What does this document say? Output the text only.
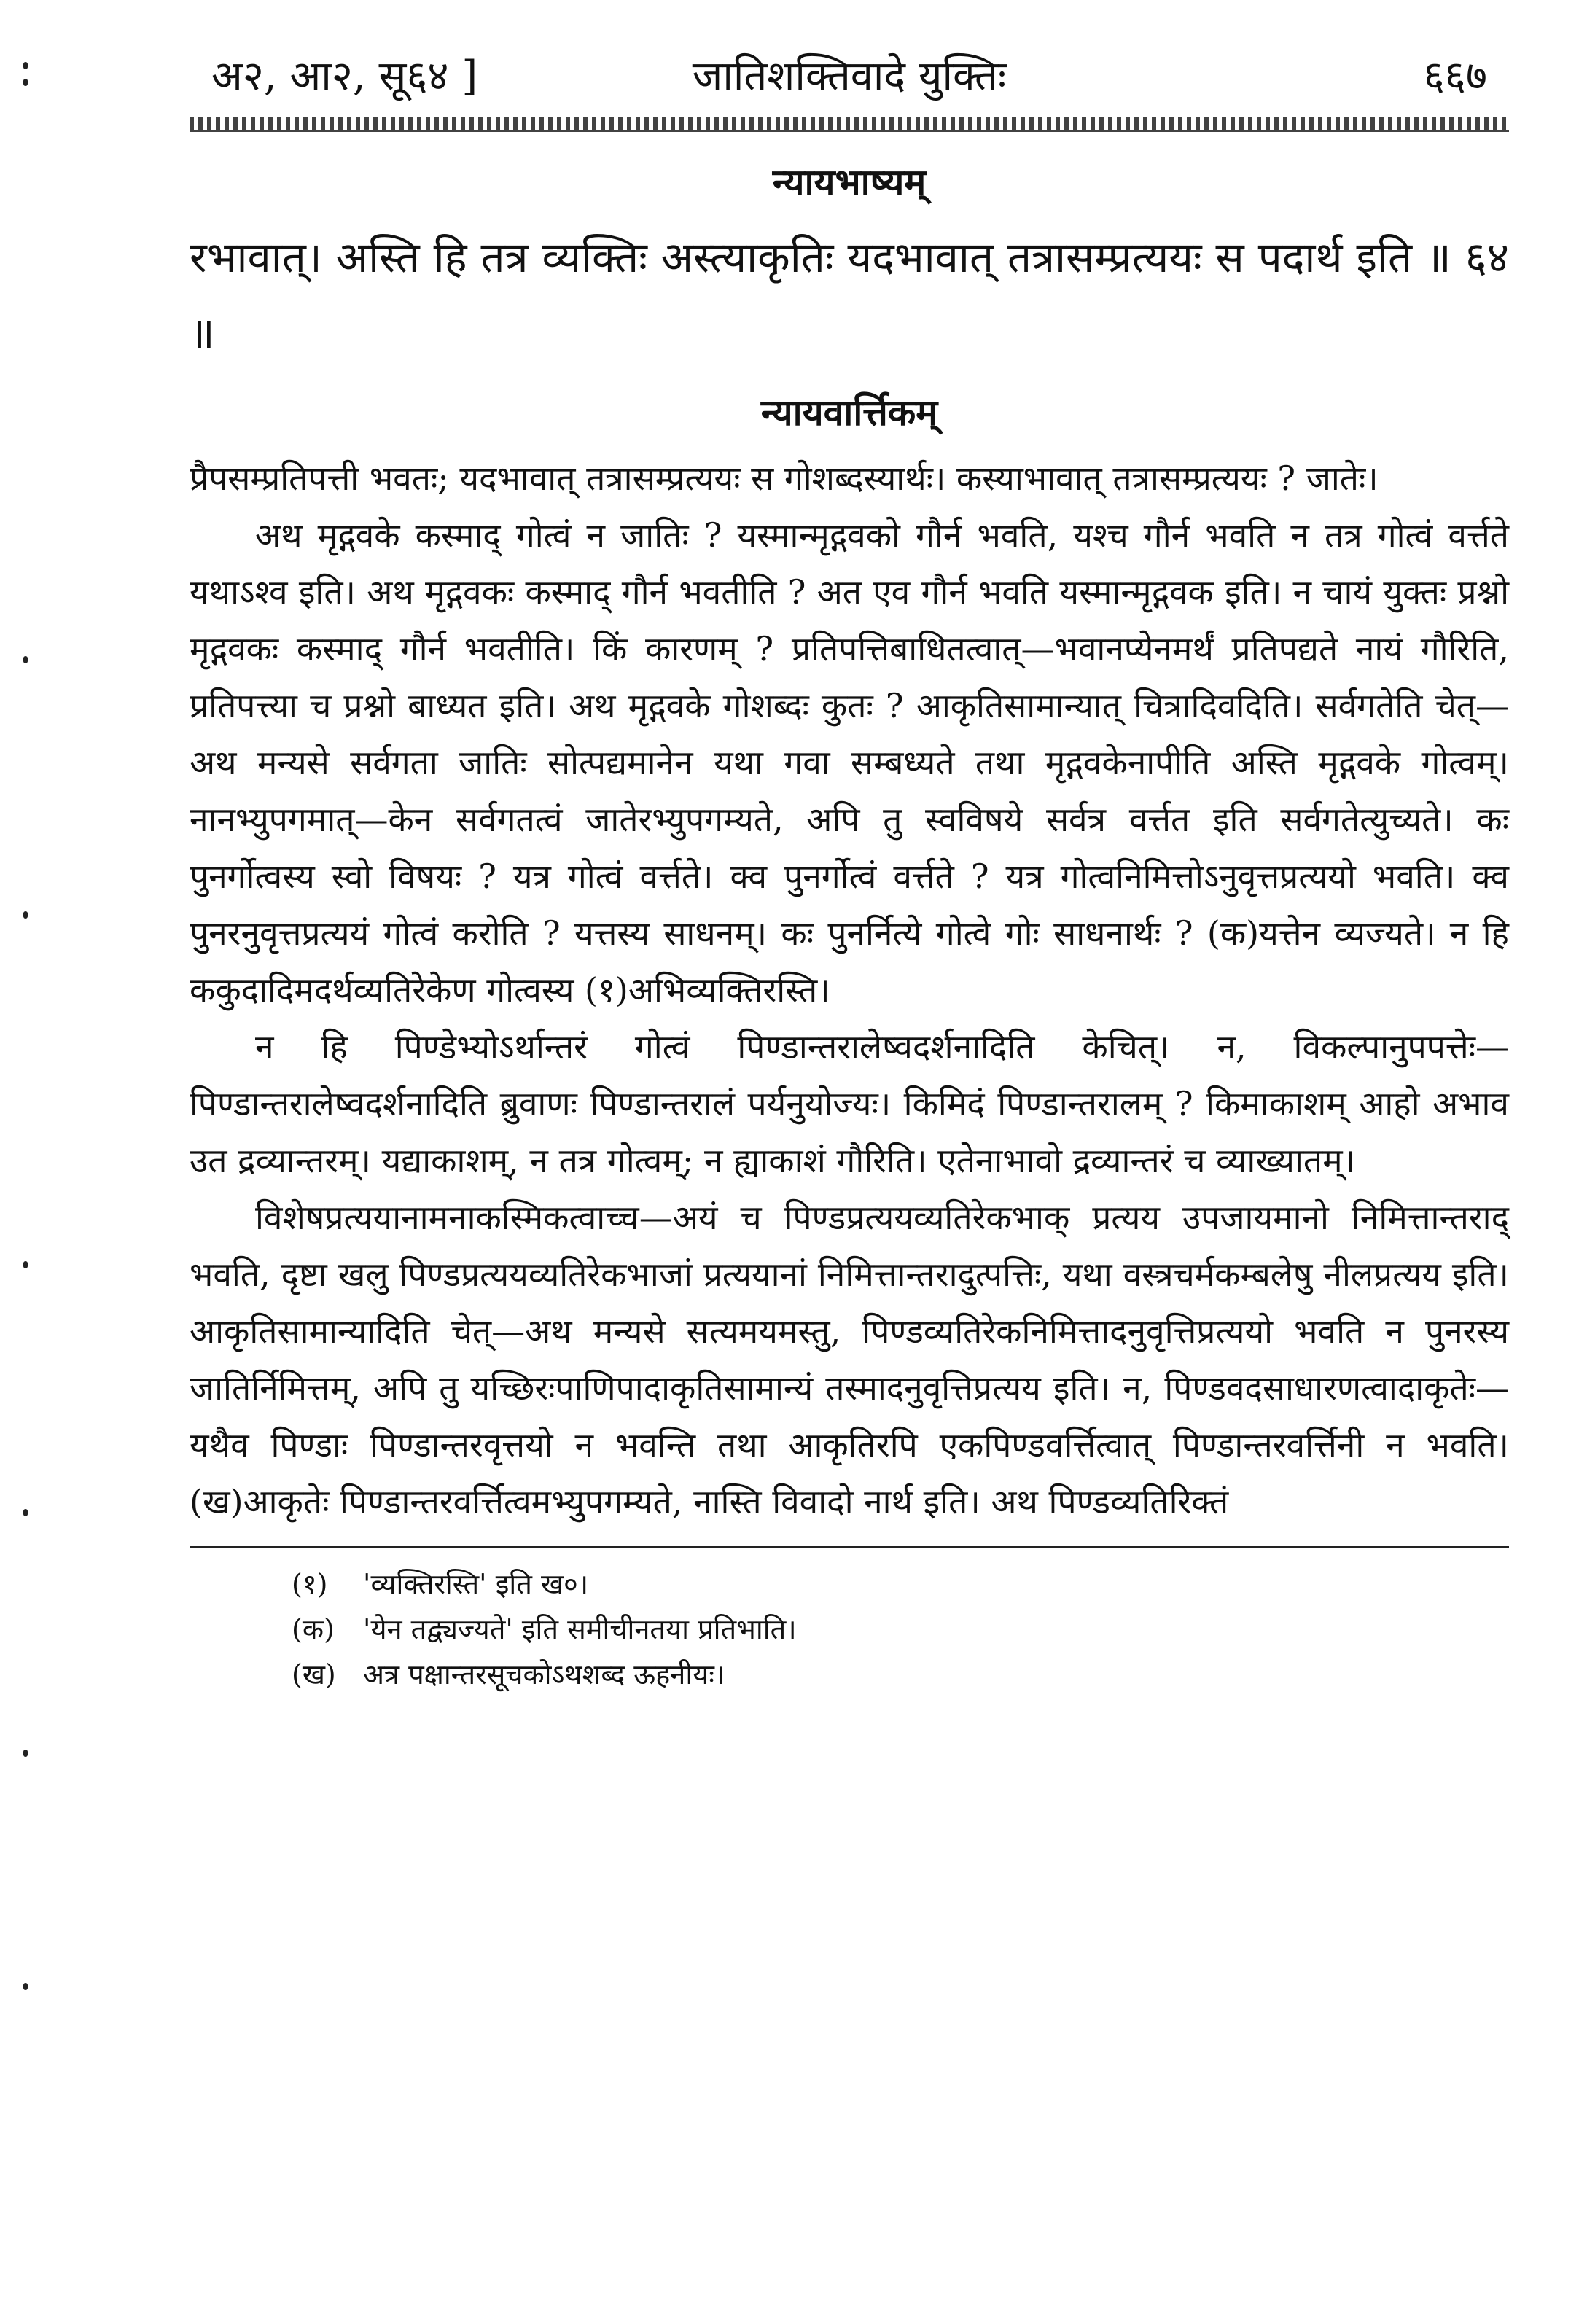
अ२, आ२, सू६४ ]	जातिशक्तिवादे युक्तिः	६६७
न्यायभाष्यम्

रभावात्। अस्ति हि तत्र व्यक्तिः अस्त्याकृतिः यदभावात् तत्रासम्प्रत्ययः स पदार्थ इति ॥ ६४ ॥

न्यायवार्त्तिकम्

प्रैपसम्प्रतिपत्ती भवतः; यदभावात् तत्रासम्प्रत्ययः स गोशब्दस्यार्थः। कस्याभावात् तत्रासम्प्रत्ययः ? जातेः।

अथ मृद्गवके कस्माद् गोत्वं न जातिः ? यस्मान्मृद्गवको गौर्न भवति, यश्च गौर्न भवति न तत्र गोत्वं वर्त्तते यथाऽश्व इति। अथ मृद्गवकः कस्माद् गौर्न भवतीति ? अत एव गौर्न भवति यस्मान्मृद्गवक इति। न चायं युक्तः प्रश्नो मृद्गवकः कस्माद् गौर्न भवतीति। किं कारणम् ? प्रतिपत्तिबाधितत्वात्—भवानप्येनमर्थं प्रतिपद्यते नायं गौरिति, प्रतिपत्त्या च प्रश्नो बाध्यत इति। अथ मृद्गवके गोशब्दः कुतः ? आकृतिसामान्यात् चित्रादिवदिति। सर्वगतेति चेत्—अथ मन्यसे सर्वगता जातिः सोत्पद्यमानेन यथा गवा सम्बध्यते तथा मृद्गवकेनापीति अस्ति मृद्गवके गोत्वम्। नानभ्युपगमात्—केन सर्वगतत्वं जातेरभ्युपगम्यते, अपि तु स्वविषये सर्वत्र वर्त्तत इति सर्वगतेत्युच्यते। कः पुनर्गोत्वस्य स्वो विषयः ? यत्र गोत्वं वर्त्तते। क्व पुनर्गोत्वं वर्त्तते ? यत्र गोत्वनिमित्तोऽनुवृत्तप्रत्ययो भवति। क्व पुनरनुवृत्तप्रत्ययं गोत्वं करोति ? यत्तस्य साधनम्। कः पुनर्नित्ये गोत्वे गोः साधनार्थः ? (क)यत्तेन व्यज्यते। न हि ककुदादिमदर्थव्यतिरेकेण गोत्वस्य (१)अभिव्यक्तिरस्ति।

न हि पिण्डेभ्योऽर्थान्तरं गोत्वं पिण्डान्तरालेष्वदर्शनादिति केचित्। न, विकल्पानुपपत्तेः—पिण्डान्तरालेष्वदर्शनादिति ब्रुवाणः पिण्डान्तरालं पर्यनुयोज्यः। किमिदं पिण्डान्तरालम् ? किमाकाशम् आहो अभाव उत द्रव्यान्तरम्। यद्याकाशम्, न तत्र गोत्वम्; न ह्याकाशं गौरिति। एतेनाभावो द्रव्यान्तरं च व्याख्यातम्।

विशेषप्रत्ययानामनाकस्मिकत्वाच्च—अयं च पिण्डप्रत्ययव्यतिरेकभाक् प्रत्यय उपजायमानो निमित्तान्तराद् भवति, दृष्टा खलु पिण्डप्रत्ययव्यतिरेकभाजां प्रत्ययानां निमित्तान्तरादुत्पत्तिः, यथा वस्त्रचर्मकम्बलेषु नीलप्रत्यय इति। आकृतिसामान्यादिति चेत्—अथ मन्यसे सत्यमयमस्तु, पिण्डव्यतिरेकनिमित्तादनुवृत्तिप्रत्ययो भवति न पुनरस्य जातिर्निमित्तम्, अपि तु यच्छिरःपाणिपादाकृतिसामान्यं तस्मादनुवृत्तिप्रत्यय इति। न, पिण्डवदसाधारणत्वादाकृतेः—यथैव पिण्डाः पिण्डान्तरवृत्तयो न भवन्ति तथा आकृतिरपि एकपिण्डवर्त्तित्वात् पिण्डान्तरवर्त्तिनी न भवति। (ख)आकृतेः पिण्डान्तरवर्त्तित्वमभ्युपगम्यते, नास्ति विवादो नार्थ इति। अथ पिण्डव्यतिरिक्तं

(१)	'व्यक्तिरस्ति' इति ख०।
(क) 'येन तद्व्यज्यते' इति समीचीनतया प्रतिभाति।
(ख) अत्र पक्षान्तरसूचकोऽथशब्द ऊहनीयः।
